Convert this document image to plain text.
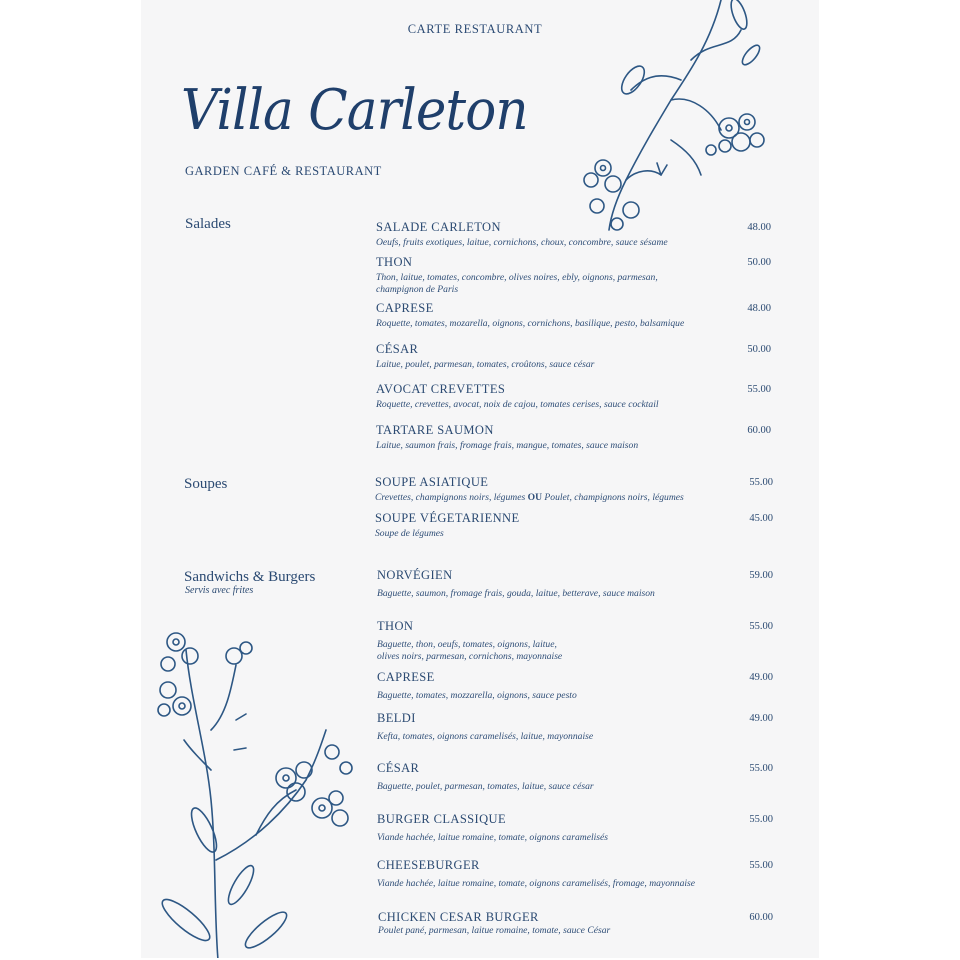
CARTE RESTAURANT
Villa Carleton
GARDEN CAFÉ & RESTAURANT
Salades	SALADE CARLETON
Oeufs, fruits exotiques, laitue, cornichons, choux, concombre, sauce sésame
48.00
THON
Thon, laitue, tomates, concombre, olives noires, ebly, oignons, parmesan, champignon de Paris
50.00
CAPRESE
Roquette, tomates, mozarella, oignons, cornichons, basilique, pesto, balsamique
48.00
CÉSAR
Laitue, poulet, parmesan, tomates, croûtons, sauce césar
50.00
AVOCAT CREVETTES
Roquette, crevettes, avocat, noix de cajou, tomates cerises, sauce cocktail
55.00
TARTARE SAUMON
Laitue, saumon frais, fromage frais, mangue, tomates, sauce maison
60.00
Soupes	SOUPE ASIATIQUE
Crevettes, champignons noirs, légumes OU Poulet, champignons noirs, légumes
55.00
SOUPE VÉGETARIENNE
Soupe de légumes
45.00
Sandwichs & Burgers
Servis avec frites
NORVÉGIEN
Baguette, saumon, fromage frais, gouda, laitue, betterave, sauce maison
59.00
THON
Baguette, thon, oeufs, tomates, oignons, laitue,
olives noirs, parmesan, cornichons, mayonnaise
55.00
CAPRESE
Baguette, tomates, mozzarella, oignons, sauce pesto
49.00
BELDI
Kefta, tomates, oignons caramelisés, laitue, mayonnaise
49.00
CÉSAR
Baguette, poulet, parmesan, tomates, laitue, sauce césar
55.00
BURGER CLASSIQUE
Viande hachée, laitue romaine, tomate, oignons caramelisés
55.00
CHEESEBURGER
Viande hachée, laitue romaine, tomate, oignons caramelisés, fromage, mayonnaise
55.00
CHICKEN CESAR BURGER
Poulet pané, parmesan, laitue romaine, tomate, sauce César
60.00
